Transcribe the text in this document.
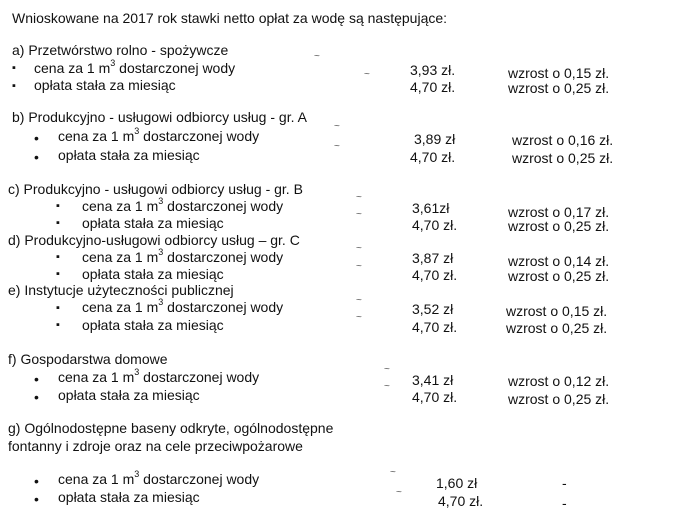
Wnioskowane na 2017 rok stawki netto opłat za wodę są następujące:
a) Przetwórstwo rolno - spożywcze
▪ cena za 1 $m^3$ dostarczonej wody	3,93 zł.	wzrost o 0,15 zł.
▪ opłata stała za miesiąc	4,70 zł.	wzrost o 0,25 zł.
~
~
b) Produkcyjno - usługowi odbiorcy usług - gr. A
• cena za 1 $m^3$ dostarczonej wody	3,89 zł	wzrost o 0,16 zł.
• opłata stała za miesiąc	4,70 zł.	wzrost o 0,25 zł.
~
~
c) Produkcyjno - usługowi odbiorcy usług - gr. B
▪ cena za 1 $m^3$ dostarczonej wody	3,61zł	wzrost o 0,17 zł.
▪ opłata stała za miesiąc	4,70 zł.	wzrost o 0,25 zł.
~
~
d) Produkcyjno-usługowi odbiorcy usług – gr. C
▪ cena za 1 $m^3$ dostarczonej wody	3,87 zł	wzrost o 0,14 zł.
▪ opłata stała za miesiąc	4,70 zł.	wzrost o 0,25 zł.
~
~
e) Instytucje użyteczności publicznej
▪ cena za 1 $m^3$ dostarczonej wody	3,52 zł	wzrost o 0,15 zł.
▪ opłata stała za miesiąc	4,70 zł.	wzrost o 0,25 zł.
~
~
f) Gospodarstwa domowe
• cena za 1 $m^3$ dostarczonej wody	3,41 zł	wzrost o 0,12 zł.
• opłata stała za miesiąc	4,70 zł.	wzrost o 0,25 zł.
~
~
g) Ogólnodostępne baseny odkryte, ogólnodostępne
fontanny i zdroje oraz na cele przeciwpożarowe
• cena za 1 $m^3$ dostarczonej wody	1,60 zł	-
• opłata stała za miesiąc	4,70 zł.	-
~
~
